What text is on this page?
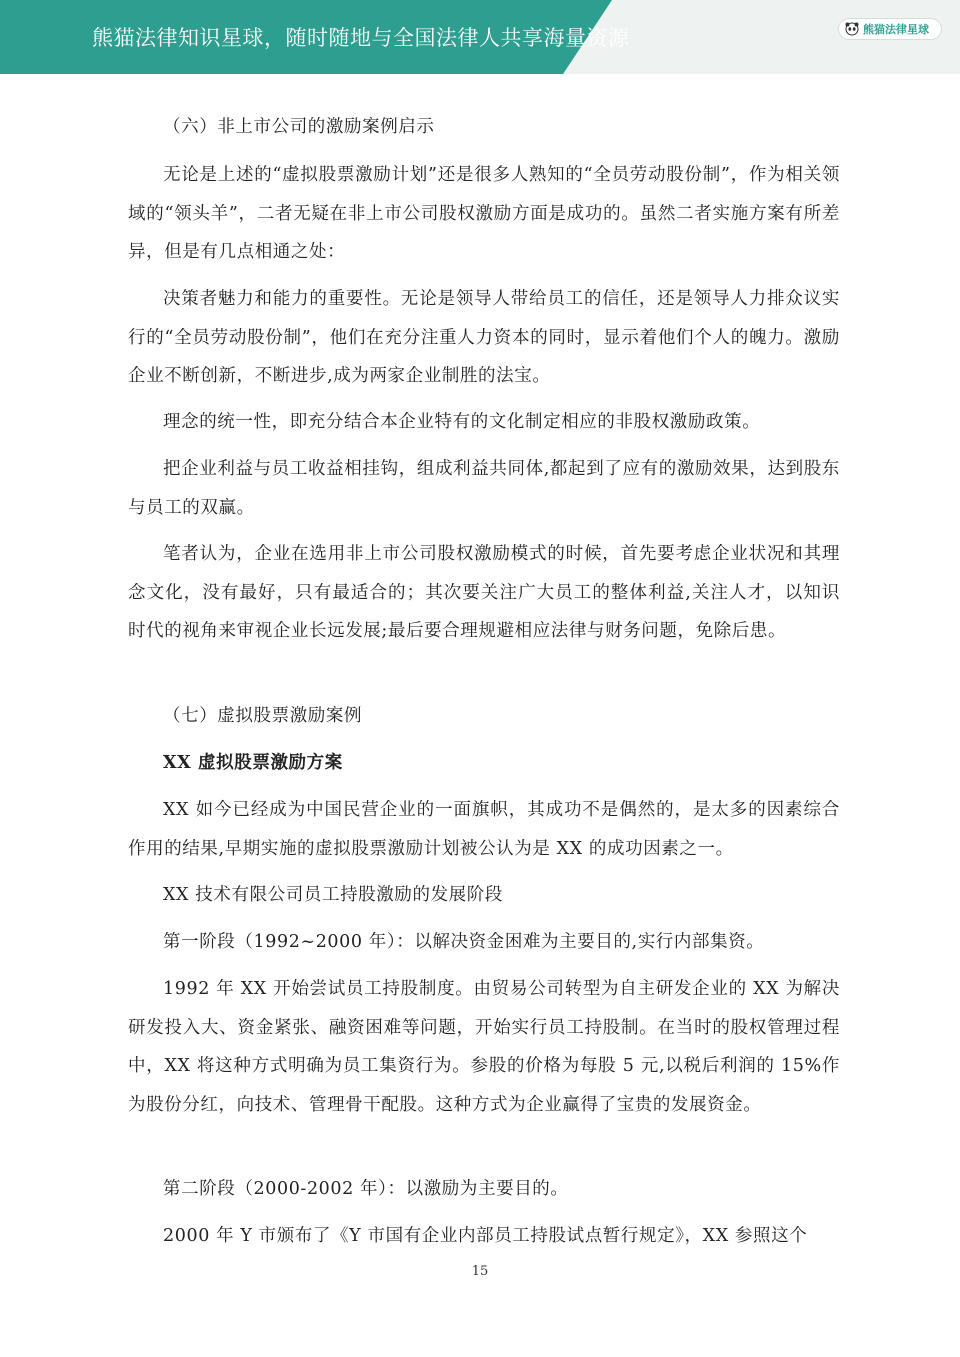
熊猫法律知识星球，随时随地与全国法律人共享海量资源	熊猫法律星球

（六）非上市公司的激励案例启示

无论是上述的“虚拟股票激励计划”还是很多人熟知的“全员劳动股份制”，作为相关领域的“领头羊”，二者无疑在非上市公司股权激励方面是成功的。虽然二者实施方案有所差异，但是有几点相通之处：

决策者魅力和能力的重要性。无论是领导人带给员工的信任，还是领导人力排众议实行的“全员劳动股份制”，他们在充分注重人力资本的同时，显示着他们个人的魄力。激励企业不断创新，不断进步,成为两家企业制胜的法宝。

理念的统一性，即充分结合本企业特有的文化制定相应的非股权激励政策。

把企业利益与员工收益相挂钩，组成利益共同体,都起到了应有的激励效果，达到股东与员工的双赢。

笔者认为，企业在选用非上市公司股权激励模式的时候，首先要考虑企业状况和其理念文化，没有最好，只有最适合的；其次要关注广大员工的整体利益,关注人才，以知识时代的视角来审视企业长远发展;最后要合理规避相应法律与财务问题，免除后患。

（七）虚拟股票激励案例

XX 虚拟股票激励方案

XX 如今已经成为中国民营企业的一面旗帜，其成功不是偶然的，是太多的因素综合作用的结果,早期实施的虚拟股票激励计划被公认为是 XX 的成功因素之一。

XX 技术有限公司员工持股激励的发展阶段

第一阶段（1992~2000 年）：以解决资金困难为主要目的,实行内部集资。

1992 年 XX 开始尝试员工持股制度。由贸易公司转型为自主研发企业的 XX 为解决研发投入大、资金紧张、融资困难等问题，开始实行员工持股制。在当时的股权管理过程中，XX 将这种方式明确为员工集资行为。参股的价格为每股 5 元,以税后利润的 15%作为股份分红，向技术、管理骨干配股。这种方式为企业赢得了宝贵的发展资金。

第二阶段（2000-2002 年）：以激励为主要目的。

2000 年 Y 市颁布了《Y 市国有企业内部员工持股试点暂行规定》，XX 参照这个

15
